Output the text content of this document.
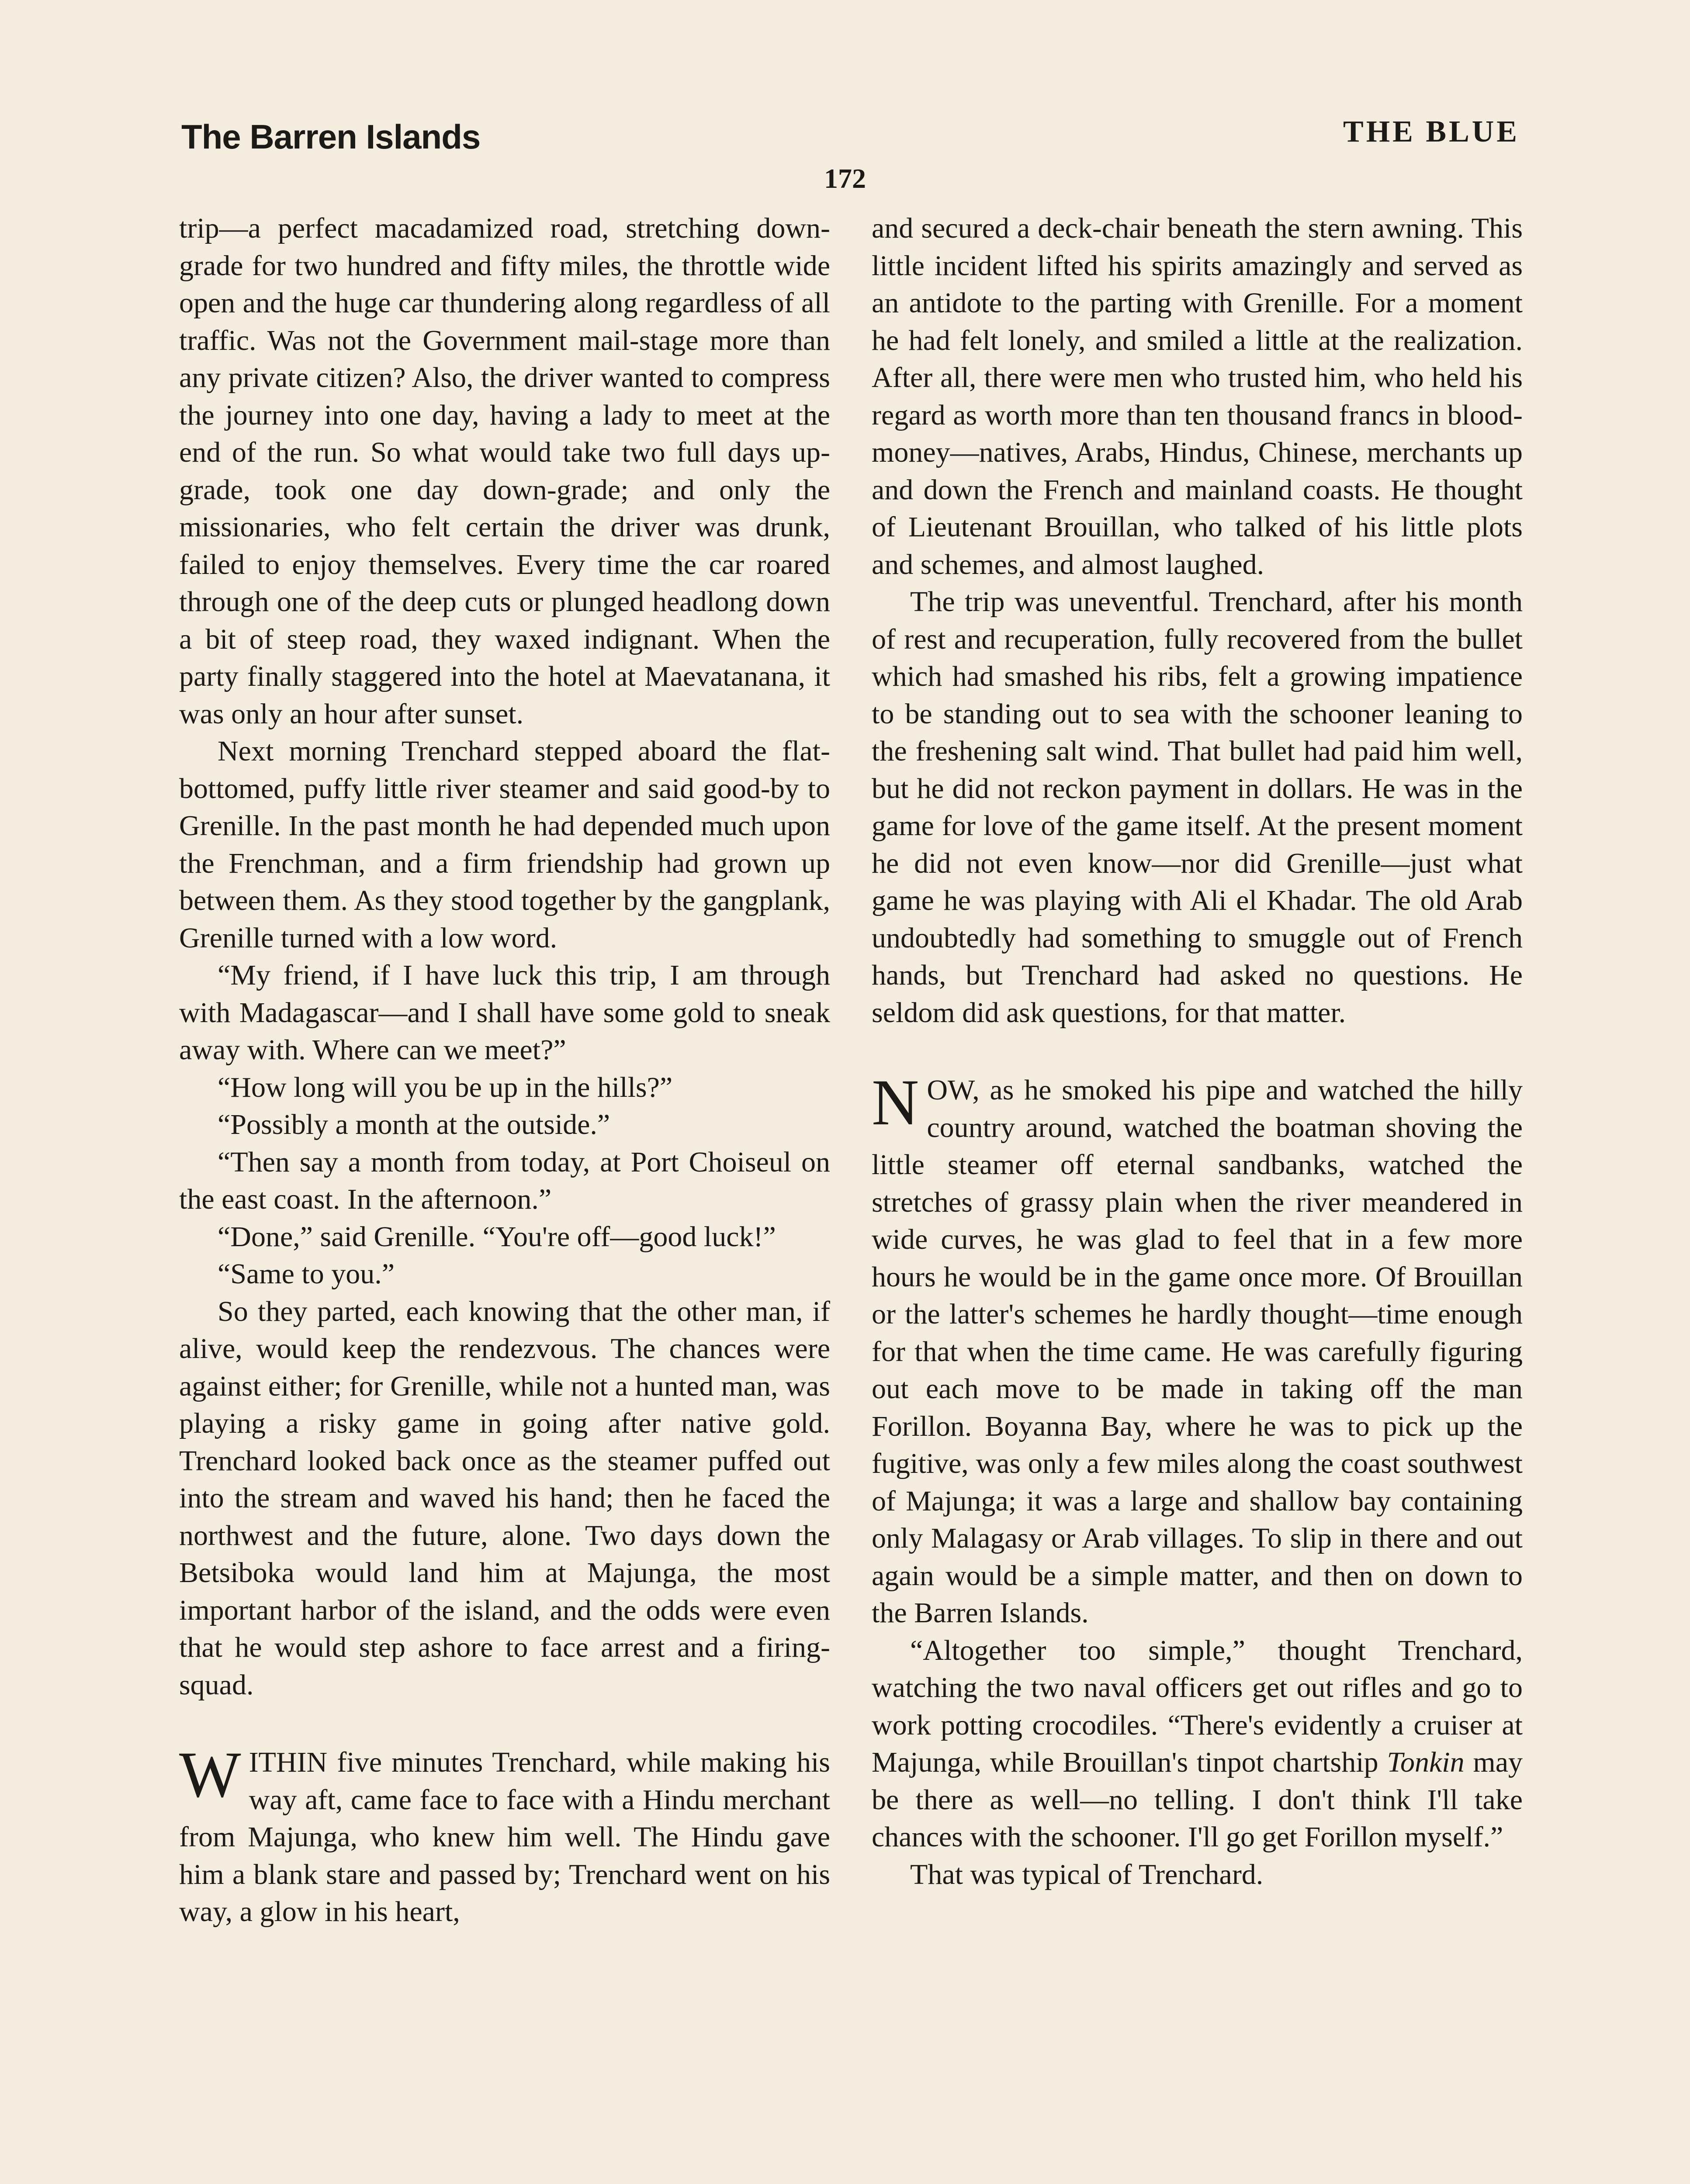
The Barren Islands	THE BLUE
172

trip—a perfect macadamized road, stretching down-grade for two hundred and fifty miles, the throttle wide open and the huge car thundering along regardless of all traffic. Was not the Government mail-stage more than any private citizen? Also, the driver wanted to compress the journey into one day, having a lady to meet at the end of the run. So what would take two full days up-grade, took one day down-grade; and only the missionaries, who felt certain the driver was drunk, failed to enjoy themselves. Every time the car roared through one of the deep cuts or plunged headlong down a bit of steep road, they waxed indignant. When the party finally staggered into the hotel at Maevatanana, it was only an hour after sunset.

Next morning Trenchard stepped aboard the flat-bottomed, puffy little river steamer and said good-by to Grenille. In the past month he had depended much upon the Frenchman, and a firm friendship had grown up between them. As they stood together by the gangplank, Grenille turned with a low word.

“My friend, if I have luck this trip, I am through with Madagascar—and I shall have some gold to sneak away with. Where can we meet?”

“How long will you be up in the hills?”

“Possibly a month at the outside.”

“Then say a month from today, at Port Choiseul on the east coast. In the afternoon.”

“Done,” said Grenille. “You're off—good luck!”

“Same to you.”

So they parted, each knowing that the other man, if alive, would keep the rendezvous. The chances were against either; for Grenille, while not a hunted man, was playing a risky game in going after native gold. Trenchard looked back once as the steamer puffed out into the stream and waved his hand; then he faced the northwest and the future, alone. Two days down the Betsiboka would land him at Majunga, the most important harbor of the island, and the odds were even that he would step ashore to face arrest and a firing-squad.

WITHIN five minutes Trenchard, while making his way aft, came face to face with a Hindu merchant from Majunga, who knew him well. The Hindu gave him a blank stare and passed by; Trenchard went on his way, a glow in his heart,

and secured a deck-chair beneath the stern awning. This little incident lifted his spirits amazingly and served as an antidote to the parting with Grenille. For a moment he had felt lonely, and smiled a little at the realization. After all, there were men who trusted him, who held his regard as worth more than ten thousand francs in blood-money—natives, Arabs, Hindus, Chinese, merchants up and down the French and mainland coasts. He thought of Lieutenant Brouillan, who talked of his little plots and schemes, and almost laughed.

The trip was uneventful. Trenchard, after his month of rest and recuperation, fully recovered from the bullet which had smashed his ribs, felt a growing impatience to be standing out to sea with the schooner leaning to the freshening salt wind. That bullet had paid him well, but he did not reckon payment in dollars. He was in the game for love of the game itself. At the present moment he did not even know—nor did Grenille—just what game he was playing with Ali el Khadar. The old Arab undoubtedly had something to smuggle out of French hands, but Trenchard had asked no questions. He seldom did ask questions, for that matter.

NOW, as he smoked his pipe and watched the hilly country around, watched the boatman shoving the little steamer off eternal sandbanks, watched the stretches of grassy plain when the river meandered in wide curves, he was glad to feel that in a few more hours he would be in the game once more. Of Brouillan or the latter's schemes he hardly thought—time enough for that when the time came. He was carefully figuring out each move to be made in taking off the man Forillon. Boyanna Bay, where he was to pick up the fugitive, was only a few miles along the coast southwest of Majunga; it was a large and shallow bay containing only Malagasy or Arab villages. To slip in there and out again would be a simple matter, and then on down to the Barren Islands.

“Altogether too simple,” thought Trenchard, watching the two naval officers get out rifles and go to work potting crocodiles. “There's evidently a cruiser at Majunga, while Brouillan's tinpot chartship Tonkin may be there as well—no telling. I don't think I'll take chances with the schooner. I'll go get Forillon myself.”

That was typical of Trenchard.
